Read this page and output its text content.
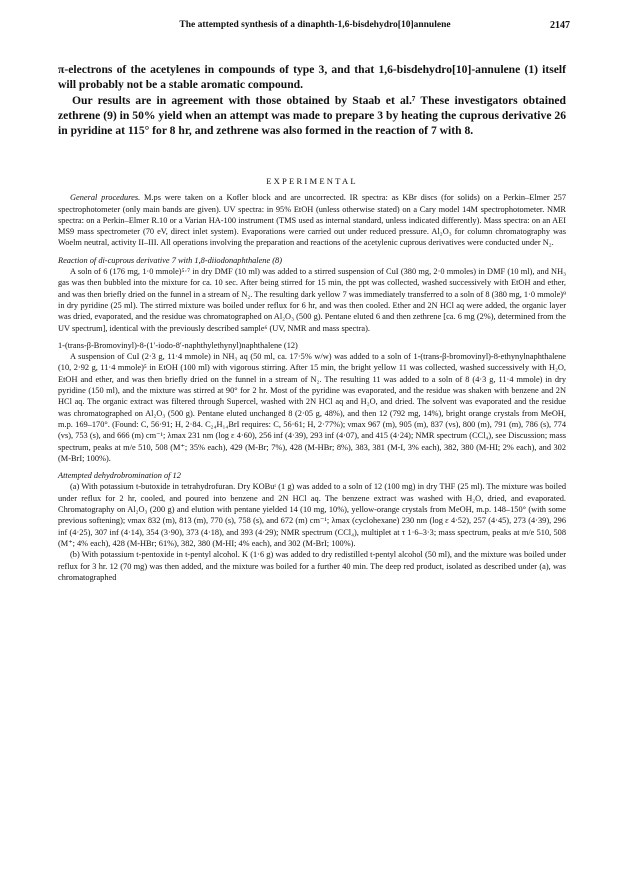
The attempted synthesis of a dinaphth-1,6-bisdehydro[10]annulene	2147

π-electrons of the acetylenes in compounds of type 3, and that 1,6-bisdehydro[10]-annulene (1) itself will probably not be a stable aromatic compound.

Our results are in agreement with those obtained by Staab et al.⁷ These investigators obtained zethrene (9) in 50% yield when an attempt was made to prepare 3 by heating the cuprous derivative 26 in pyridine at 115° for 8 hr, and zethrene was also formed in the reaction of 7 with 8.

EXPERIMENTAL

General procedures. M.ps were taken on a Kofler block and are uncorrected. IR spectra: as KBr discs (for solids) on a Perkin–Elmer 257 spectrophotometer (only main bands are given). UV spectra: in 95% EtOH (unless otherwise stated) on a Cary model 14M spectrophotometer. NMR spectra: on a Perkin–Elmer R.10 or a Varian HA-100 instrument (TMS used as internal standard, unless indicated differently). Mass spectra: on an AEI MS9 mass spectrometer (70 eV, direct inlet system). Evaporations were carried out under reduced pressure. Al₂O₃ for column chromatography was Woelm neutral, activity II–III. All operations involving the preparation and reactions of the acetylenic cuprous derivatives were conducted under N₂.

Reaction of di-cuprous derivative 7 with 1,8-diiodonaphthalene (8)

A soln of 6 (176 mg, 1·0 mmole)⁵·⁷ in dry DMF (10 ml) was added to a stirred suspension of CuI (380 mg, 2·0 mmoles) in DMF (10 ml), and NH₃ gas was then bubbled into the mixture for ca. 10 sec. After being stirred for 15 min, the ppt was collected, washed successively with EtOH and ether, and was then briefly dried on the funnel in a stream of N₂. The resulting dark yellow 7 was immediately transferred to a soln of 8 (380 mg, 1·0 mmole)⁹ in dry pyridine (25 ml). The stirred mixture was boiled under reflux for 6 hr, and was then cooled. Ether and 2N HCl aq were added, the organic layer was dried, evaporated, and the residue was chromatographed on Al₂O₃ (500 g). Pentane eluted 6 and then zethrene [ca. 6 mg (2%), determined from the UV spectrum], identical with the previously described sample⁶ (UV, NMR and mass spectra).

1-(trans-β-Bromovinyl)-8-(1′-iodo-8′-naphthylethynyl)naphthalene (12)

A suspension of CuI (2·3 g, 11·4 mmole) in NH₃ aq (50 ml, ca. 17·5% w/w) was added to a soln of 1-(trans-β-bromovinyl)-8-ethynylnaphthalene (10, 2·92 g, 11·4 mmole)⁵ in EtOH (100 ml) with vigorous stirring. After 15 min, the bright yellow 11 was collected, washed successively with H₂O, EtOH and ether, and was then briefly dried on the funnel in a stream of N₂. The resulting 11 was added to a soln of 8 (4·3 g, 11·4 mmole) in dry pyridine (150 ml), and the mixture was stirred at 90° for 2 hr. Most of the pyridine was evaporated, and the residue was shaken with benzene and 2N HCl aq. The organic extract was filtered through Supercel, washed with 2N HCl aq and H₂O, and dried. The solvent was evaporated and the residue was chromatographed on Al₂O₃ (500 g). Pentane eluted unchanged 8 (2·05 g, 48%), and then 12 (792 mg, 14%), bright orange crystals from MeOH, m.p. 169–170°. (Found: C, 56·91; H, 2·84. C₂₄H₁₄BrI requires: C, 56·61; H, 2·77%); νmax 967 (m), 905 (m), 837 (vs), 800 (m), 791 (m), 786 (s), 774 (vs), 753 (s), and 666 (m) cm⁻¹; λmax 231 nm (log ε 4·60), 256 inf (4·39), 293 inf (4·07), and 415 (4·24); NMR spectrum (CCl₄), see Discussion; mass spectrum, peaks at m/e 510, 508 (M⁺; 35% each), 429 (M-Br; 7%), 428 (M-HBr; 8%), 383, 381 (M-I, 3% each), 382, 380 (M-HI; 2% each), and 302 (M-BrI; 100%).

Attempted dehydrobromination of 12

(a) With potassium t-butoxide in tetrahydrofuran. Dry KOBuᵗ (1 g) was added to a soln of 12 (100 mg) in dry THF (25 ml). The mixture was boiled under reflux for 2 hr, cooled, and poured into benzene and 2N HCl aq. The benzene extract was washed with H₂O, dried, and evaporated. Chromatography on Al₂O₃ (200 g) and elution with pentane yielded 14 (10 mg, 10%), yellow-orange crystals from MeOH, m.p. 148–150° (with some previous softening); νmax 832 (m), 813 (m), 770 (s), 758 (s), and 672 (m) cm⁻¹; λmax (cyclohexane) 230 nm (log ε 4·52), 257 (4·45), 273 (4·39), 296 inf (4·25), 307 inf (4·14), 354 (3·90), 373 (4·18), and 393 (4·29); NMR spectrum (CCl₄), multiplet at τ 1·6–3·3; mass spectrum, peaks at m/e 510, 508 (M⁺; 4% each), 428 (M-HBr; 61%), 382, 380 (M-HI; 4% each), and 302 (M-BrI; 100%).

(b) With potassium t-pentoxide in t-pentyl alcohol. K (1·6 g) was added to dry redistilled t-pentyl alcohol (50 ml), and the mixture was boiled under reflux for 3 hr. 12 (70 mg) was then added, and the mixture was boiled for a further 40 min. The deep red product, isolated as described under (a), was chromatographed
